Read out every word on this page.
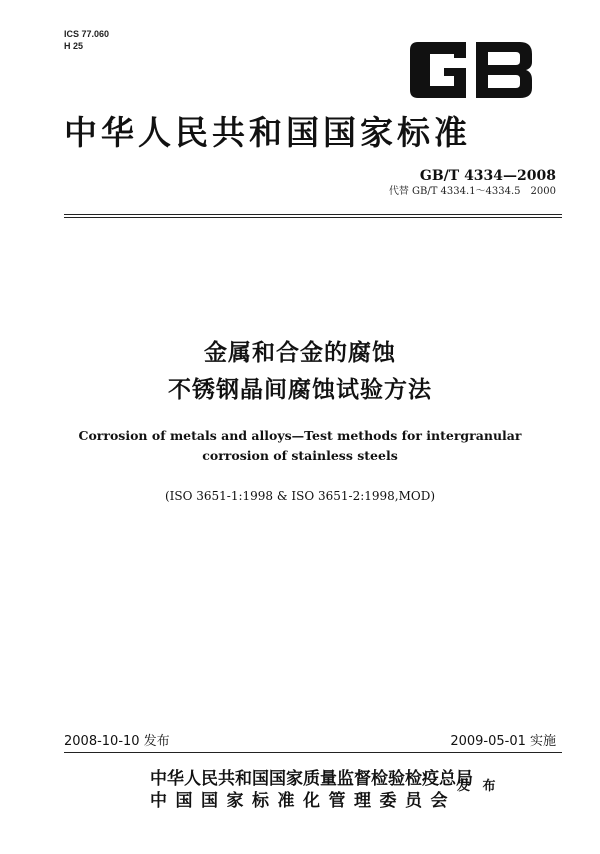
ICS 77.060
H 25
中华人民共和国国家标准
GB/T 4334—2008
代替 GB/T 4334.1～4334.5　2000
金属和合金的腐蚀
不锈钢晶间腐蚀试验方法
Corrosion of metals and alloys—Test methods for intergranular
corrosion of stainless steels
(ISO 3651-1:1998 & ISO 3651-2:1998,MOD)
2008-10-10 发布	2009-05-01 实施
中华人民共和国国家质量监督检验检疫总局
中国国家标准化管理委员会
发 布
